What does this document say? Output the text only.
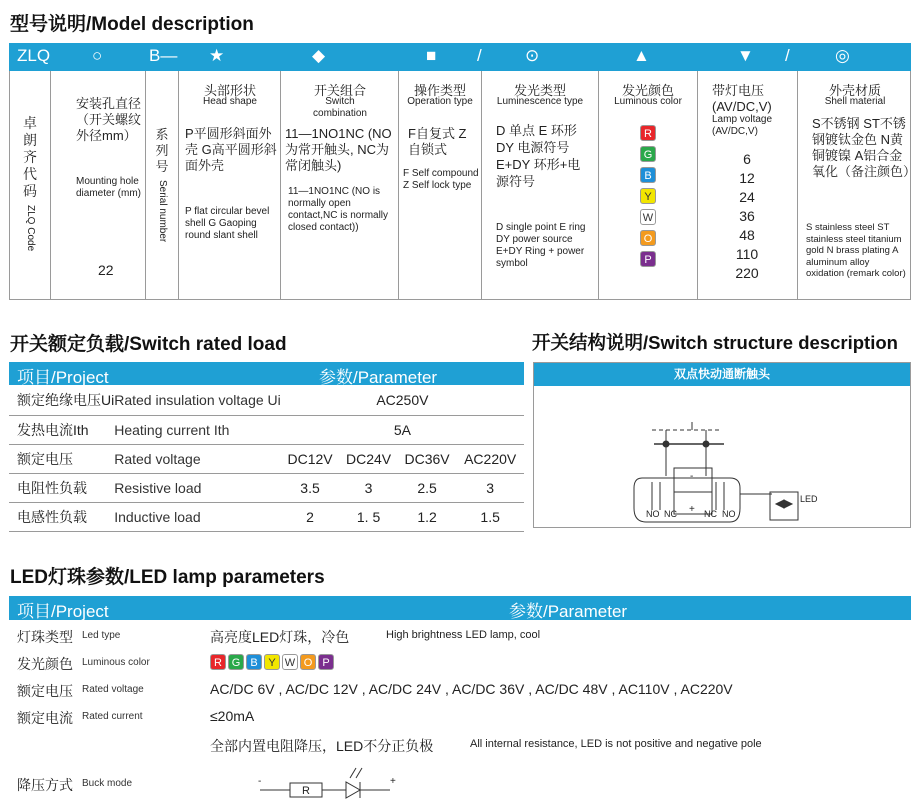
型号说明/Model description
ZLQ ○	B— ★	◆	■ /	⊙	▲	▼ /	◎
卓朗齐代码
ZLQ Code
安装孔直径（开关螺纹外径mm）
Mounting hole diameter (mm)
22
系列号
Serial number
头部形状
Head shape
P平圆形斜面外壳 G高平圆形斜面外壳
P flat circular bevel shell G Gaoping round slant shell
开关组合
Switch combination
11—1NO1NC (NO为常开触头, NC为常闭触头)
11—1NO1NC (NO is normally open contact,NC is normally closed contact))
操作类型
Operation type
F自复式 Z自锁式
F Self compound Z Self lock type
发光类型
Luminescence type
D 单点 E 环形 DY 电源符号 E+DY 环形+电源符号
D single point E ring DY power source E+DY Ring + power symbol
发光颜色
Luminous color
R G B Y W O P
带灯电压(AV/DC,V)
Lamp voltage (AV/DC,V)
6
12
24
36
48
110
220
外壳材质
Shell material
S不锈钢 ST不锈钢镀钛金色 N黄铜镀镍 A铝合金氧化（备注颜色）
S stainless steel ST stainless steel titanium gold N brass plating A aluminum alloy oxidation (remark color)
开关额定负载/Switch rated load
项目/Project	参数/Parameter
额定绝缘电压Ui	Rated insulation voltage Ui	AC250V			
发热电流Ith	Heating current Ith	5A			
额定电压	Rated voltage	DC12V	DC24V	DC36V	AC220V
电阻性负载	Resistive load	3.5	3	2.5	3
电感性负载	Inductive load	2	1. 5	1.2	1.5
开关结构说明/Switch structure description
双点快动通断触头
NO NC	NC NO
LED
-
+
LED灯珠参数/LED lamp parameters
项目/Project	参数/Parameter
灯珠类型 Led type	高亮度LED灯珠，冷色	High brightness LED lamp, cool
发光颜色 Luminous color	R G B Y W O P
额定电压 Rated voltage	AC/DC 6V , AC/DC 12V , AC/DC 24V , AC/DC 36V , AC/DC 48V , AC110V , AC220V
额定电流 Rated current	≤20mA
全部内置电阻降压，LED不分正负极	All internal resistance, LED is not positive and negative pole
降压方式 Buck mode
R
-	+
